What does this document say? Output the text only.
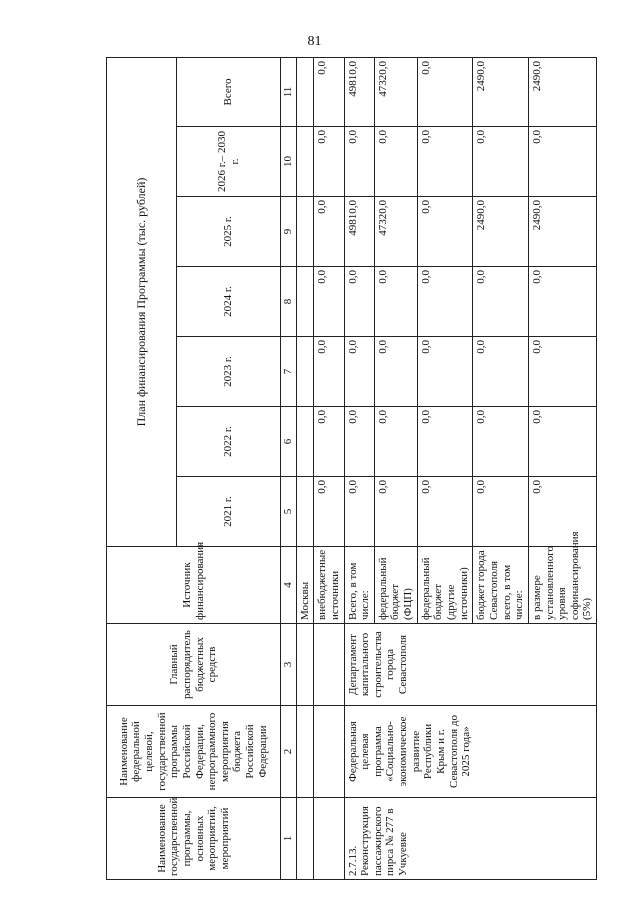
81
Наименование государственной программы, основных мероприятий, мероприятий	Наименование федеральной целевой, государственной программы Российской Федерации, непрограммного мероприятия бюджета Российской Федерации	Главный распорядитель бюджетных средств	Источник финансирования	План финансирования Программы (тыс. рублей)						
				2021 г.	2022 г.	2023 г.	2024 г.	2025 г.	2026 г.– 2030 г.	Всего
1	2	3	4	5	6	7	8	9	10	11
			Москвы							
			внебюджетные источники	0,0	0,0	0,0	0,0	0,0	0,0	0,0
2.7.13. Реконструкция пассажирского пирса № 277 в Учкуевке	Федеральная целевая программа «Социально-экономическое развитие Республики Крым и г. Севастополя до 2025 года»	Департамент капитального строительства города Севастополя	Всего, в том числе:	0,0	0,0	0,0	0,0	49810,0	0,0	49810,0
			федеральный бюджет (ФЦП)	0,0	0,0	0,0	0,0	47320,0	0,0	47320,0
			федеральный бюджет (другие источники)	0,0	0,0	0,0	0,0	0,0	0,0	0,0
			бюджет города Севастополя всего, в том числе:	0,0	0,0	0,0	0,0	2490,0	0,0	2490,0
			в размере установленного уровня софинансирования (5%)	0,0	0,0	0,0	0,0	2490,0	0,0	2490,0
